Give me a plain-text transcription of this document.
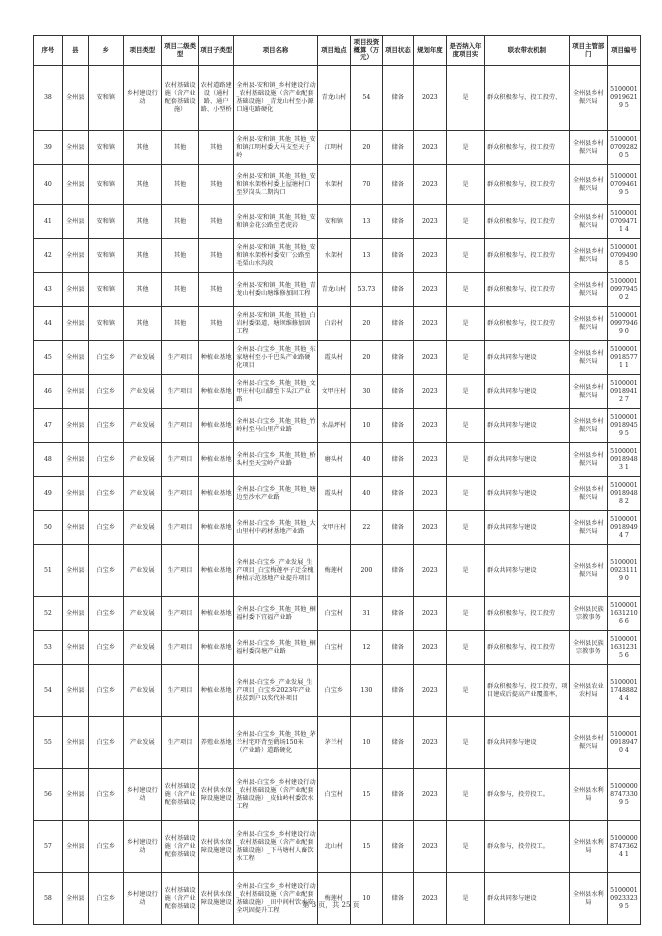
序号	县	乡	项目类型	项目二级类型	项目子类型	项目名称	项目地点	项目投资概算（万元）	项目状态	规划年度	是否纳入年度项目实	联农带农机制	项目主管部门	项目编号
38	全州县	安和镇	乡村建设行动	农村基础设施（含产业配套基础设施）	农村道路建设（通村路、通户路、小型桥	全州县-安和镇_乡村建设行动_农村基础设施（含产业配套基础设施）_青龙山村至小源口通屯路硬化	青龙山村	54	储备	2023	是	群众积极参与，投工投劳、	全州县乡村振兴局	510000109196219 5
39	全州县	安和镇	其他	其他	其他	全州县-安和镇_其他_其他_安和镇江明村委大马支至天子岭	江明村	20	储备	2023	是	群众积极参与，投工投劳	全州县乡村振兴局	510000107092820 5
40	全州县	安和镇	其他	其他	其他	全州县-安和镇_其他_其他_安和镇水架桥村委上屋塘村口至罗岗头二期沟口	水架村	70	储备	2023	是	群众积极参与，投工投劳	全州县乡村振兴局	510000107094619 5
41	全州县	安和镇	其他	其他	其他	全州县-安和镇_其他_其他_安和镇金花公路至老虎岩	安和镇	13	储备	2023	是	群众积极参与，投工投劳	全州县乡村振兴局	510000107094711 4
42	全州县	安和镇	其他	其他	其他	全州县-安和镇_其他_其他_安和镇水架桥村委安厂公路至毛栗山水沟段	水架村	13	储备	2023	是	群众积极参与，投工投劳	全州县乡村振兴局	510000107094908 5
43	全州县	安和镇	其他	其他	其他	全州县-安和镇_其他_其他_青龙山村委山塘维修加固工程	青龙山村	53.73	储备	2023	是	群众积极参与，投工投劳	全州县乡村振兴局	510000109979450 2
44	全州县	安和镇	其他	其他	其他	全州县-安和镇_其他_其他_白岩村委渠道、塘坝维修加固工程	白岩村	20	储备	2023	是	群众积极参与，投工投劳	全州县乡村振兴局	510000109979469 0
45	全州县	白宝乡	产业发展	生产项目	种植业基地	全州县-白宝乡_其他_其他_东家塘村至小千巴头产业路硬化项目	霞头村	20	储备	2023	是	群众共同参与建设	全州县乡村振兴局	510000109185771 1
46	全州县	白宝乡	产业发展	生产项目	种植业基地	全州县-白宝乡_其他_其他_文甲庄村屯山脚至卞头江产业路	文甲庄村	30	储备	2023	是	群众共同参与建设	全州县乡村振兴局	510000109189412 7
47	全州县	白宝乡	产业发展	生产项目	种植业基地	全州县-白宝乡_其他_其他_竹岭村至马山里产业路	水晶坪村	10	储备	2023	是	群众共同参与建设	全州县乡村振兴局	510000109189459 5
48	全州县	白宝乡	产业发展	生产项目	种植业基地	全州县-白宝乡_其他_其他_桥头村至天宝岭产业路	磨头村	40	储备	2023	是	群众共同参与建设	全州县乡村振兴局	510000109189483 1
49	全州县	白宝乡	产业发展	生产项目	种植业基地	全州县-白宝乡_其他_其他_塘边至沙水产业路	霞头村	40	储备	2023	是	群众共同参与建设	全州县乡村振兴局	510000109189488 2
50	全州县	白宝乡	产业发展	生产项目	种植业基地	全州县-白宝乡_其他_其他_大山里村中药材基地产业路	文甲庄村	22	储备	2023	是	群众共同参与建设	全州县乡村振兴局	510000109189494 7
51	全州县	白宝乡	产业发展	生产项目	种植业基地	全州县-白宝乡_产业发展_生产项目_白宝梅莲亭子迁金槐种植示范基地产业提升项目	梅莲村	200	储备	2023	是	群众共同参与建设	全州县乡村振兴局	510000109231119 0
52	全州县	白宝乡	产业发展	生产项目	种植业基地	全州县-白宝乡_其他_其他_桐福村委下宜福产业路	白宝村	31	储备	2023	是	群众积极参与，投工投劳	全州县民族宗教事务	510000116312106 6
53	全州县	白宝乡	产业发展	生产项目	种植业基地	全州县-白宝乡_其他_其他_桐福村委岗塘产业路	白宝村	12	储备	2023	是	群众积极参与，投工投劳	全州县民族宗教事务	510000116312315 6
54	全州县	白宝乡	产业发展	生产项目	种植业基地	全州县-白宝乡_产业发展_生产项目_白宝乡2023年产业扶贫到户以奖代补项目	白宝乡	130	储备	2023	是	群众积极参与，投工投劳，项目建成后提高产业覆盖率，	全州县农业农村局	510000117488824 4
55	全州县	白宝乡	产业发展	生产项目	养殖业基地	全州县-白宝乡_其他_其他_茅兰村宅吓背至鹤场150米（产业路）道路硬化	茅兰村	10	储备	2023	是	群众共同参与建设	全州县乡村振兴局	510000109189470 4
56	全州县	白宝乡	乡村建设行动	农村基础设施（含产业配套基础设	农村供水保障设施建设	全州县-白宝乡_乡村建设行动_农村基础设施（含产业配套基础设施）_皮仙岭村委饮水工程	白宝村	15	储备	2023	是	群众参与，投劳投工。	全州县水利局	510000087473309 5
57	全州县	白宝乡	乡村建设行动	农村基础设施（含产业配套基础设	农村供水保障设施建设	全州县-白宝乡_乡村建设行动_农村基础设施（含产业配套基础设施）_下马塘村人畜饮水工程	北山村	15	储备	2023	是	群众参与，投劳投工。	全州县水利局	510000087473624 1
58	全州县	白宝乡	乡村建设行动	农村基础设施（含产业配套基础设	农村供水保障设施建设	全州县-白宝乡_乡村建设行动_农村基础设施（含产业配套基础设施）_田中间村饮水安全巩固提升工程	梅莲村	10	储备	2023	是	群众共同参与建设	全州县水利局	510000109233239 5
第 3 页，共 25 页
